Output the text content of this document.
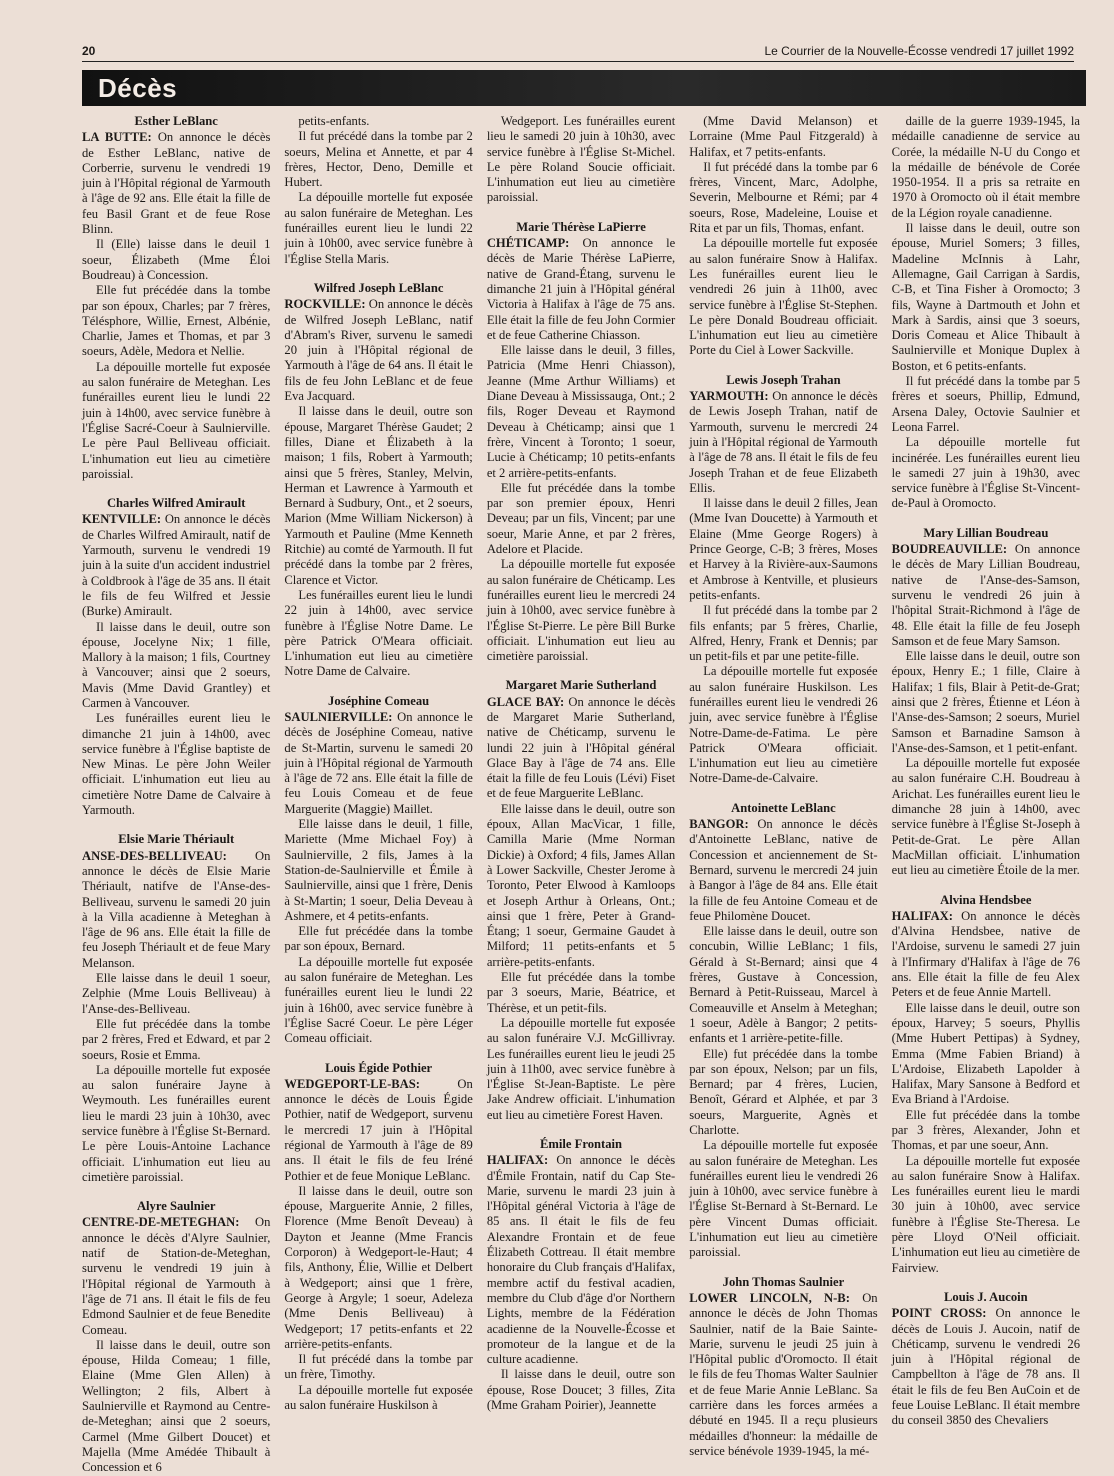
20	Le Courrier de la Nouvelle-Écosse vendredi 17 juillet 1992
Décès
Esther LeBlanc

LA BUTTE: On annonce le décès de Esther LeBlanc, native de Corberrie, survenu le vendredi 19 juin à l'Hôpital régional de Yarmouth à l'âge de 92 ans. Elle était la fille de feu Basil Grant et de feue Rose Blinn.

Il (Elle) laisse dans le deuil 1 soeur, Élizabeth (Mme Éloi Boudreau) à Concession.

Elle fut précédée dans la tombe par son époux, Charles; par 7 frères, Télésphore, Willie, Ernest, Albénie, Charlie, James et Thomas, et par 3 soeurs, Adèle, Medora et Nellie.

La dépouille mortelle fut exposée au salon funéraire de Meteghan. Les funérailles eurent lieu le lundi 22 juin à 14h00, avec service funèbre à l'Église Sacré-Coeur à Saulnierville. Le père Paul Belliveau officiait. L'inhumation eut lieu au cimetière paroissial.

Charles Wilfred Amirault

KENTVILLE: On annonce le décès de Charles Wilfred Amirault, natif de Yarmouth, survenu le vendredi 19 juin à la suite d'un accident industriel à Coldbrook à l'âge de 35 ans. Il était le fils de feu Wilfred et Jessie (Burke) Amirault.

Il laisse dans le deuil, outre son épouse, Jocelyne Nix; 1 fille, Mallory à la maison; 1 fils, Courtney à Vancouver; ainsi que 2 soeurs, Mavis (Mme David Grantley) et Carmen à Vancouver.

Les funérailles eurent lieu le dimanche 21 juin à 14h00, avec service funèbre à l'Église baptiste de New Minas. Le père John Weiler officiait. L'inhumation eut lieu au cimetière Notre Dame de Calvaire à Yarmouth.

Elsie Marie Thériault

ANSE-DES-BELLIVEAU: On annonce le décès de Elsie Marie Thériault, natifve de l'Anse-des-Belliveau, survenu le samedi 20 juin à la Villa acadienne à Meteghan à l'âge de 96 ans. Elle était la fille de feu Joseph Thériault et de feue Mary Melanson.

Elle laisse dans le deuil 1 soeur, Zelphie (Mme Louis Belliveau) à l'Anse-des-Belliveau.

Elle fut précédée dans la tombe par 2 frères, Fred et Edward, et par 2 soeurs, Rosie et Emma.

La dépouille mortelle fut exposée au salon funéraire Jayne à Weymouth. Les funérailles eurent lieu le mardi 23 juin à 10h30, avec service funèbre à l'Église St-Bernard. Le père Louis-Antoine Lachance officiait. L'inhumation eut lieu au cimetière paroissial.

Alyre Saulnier

CENTRE-DE-METEGHAN: On annonce le décès d'Alyre Saulnier, natif de Station-de-Meteghan, survenu le vendredi 19 juin à l'Hôpital régional de Yarmouth à l'âge de 71 ans. Il était le fils de feu Edmond Saulnier et de feue Benedite Comeau.

Il laisse dans le deuil, outre son épouse, Hilda Comeau; 1 fille, Elaine (Mme Glen Allen) à Wellington; 2 fils, Albert à Saulnierville et Raymond au Centre-de-Meteghan; ainsi que 2 soeurs, Carmel (Mme Gilbert Doucet) et Majella (Mme Amédée Thibault à Concession et 6

petits-enfants.

Il fut précédé dans la tombe par 2 soeurs, Melina et Annette, et par 4 frères, Hector, Deno, Demille et Hubert.

La dépouille mortelle fut exposée au salon funéraire de Meteghan. Les funérailles eurent lieu le lundi 22 juin à 10h00, avec service funèbre à l'Église Stella Maris.

Wilfred Joseph LeBlanc

ROCKVILLE: On annonce le décès de Wilfred Joseph LeBlanc, natif d'Abram's River, survenu le samedi 20 juin à l'Hôpital régional de Yarmouth à l'âge de 64 ans. Il était le fils de feu John LeBlanc et de feue Eva Jacquard.

Il laisse dans le deuil, outre son épouse, Margaret Thérèse Gaudet; 2 filles, Diane et Élizabeth à la maison; 1 fils, Robert à Yarmouth; ainsi que 5 frères, Stanley, Melvin, Herman et Lawrence à Yarmouth et Bernard à Sudbury, Ont., et 2 soeurs, Marion (Mme William Nickerson) à Yarmouth et Pauline (Mme Kenneth Ritchie) au comté de Yarmouth. Il fut précédé dans la tombe par 2 frères, Clarence et Victor.

Les funérailles eurent lieu le lundi 22 juin à 14h00, avec service funèbre à l'Église Notre Dame. Le père Patrick O'Meara officiait. L'inhumation eut lieu au cimetière Notre Dame de Calvaire.

Joséphine Comeau

SAULNIERVILLE: On annonce le décès de Joséphine Comeau, native de St-Martin, survenu le samedi 20 juin à l'Hôpital régional de Yarmouth à l'âge de 72 ans. Elle était la fille de feu Louis Comeau et de feue Marguerite (Maggie) Maillet.

Elle laisse dans le deuil, 1 fille, Mariette (Mme Michael Foy) à Saulnierville, 2 fils, James à la Station-de-Saulnierville et Émile à Saulnierville, ainsi que 1 frère, Denis à St-Martin; 1 soeur, Delia Deveau à Ashmere, et 4 petits-enfants.

Elle fut précédée dans la tombe par son époux, Bernard.

La dépouille mortelle fut exposée au salon funéraire de Meteghan. Les funérailles eurent lieu le lundi 22 juin à 16h00, avec service funèbre à l'Église Sacré Coeur. Le père Léger Comeau officiait.

Louis Égide Pothier

WEDGEPORT-LE-BAS:	On annonce le décès de Louis Égide Pothier, natif de Wedgeport, survenu le mercredi 17 juin à l'Hôpital régional de Yarmouth à l'âge de 89 ans. Il était le fils de feu Iréné Pothier et de feue Monique LeBlanc.

Il laisse dans le deuil, outre son épouse, Marguerite Annie, 2 filles, Florence (Mme Benoît Deveau) à Dayton et Jeanne (Mme Francis Corporon) à Wedgeport-le-Haut; 4 fils, Anthony, Élie, Willie et Delbert à Wedgeport; ainsi que 1 frère, George à Argyle; 1 soeur, Adeleza (Mme Denis Belliveau) à Wedgeport; 17 petits-enfants et 22 arrière-petits-enfants.

Il fut précédé dans la tombe par un frère, Timothy.

La dépouille mortelle fut exposée au salon funéraire Huskilson à

Wedgeport. Les funérailles eurent lieu le samedi 20 juin à 10h30, avec service funèbre à l'Église St-Michel. Le père Roland Soucie officiait. L'inhumation eut lieu au cimetière paroissial.

Marie Thérèse LaPierre

CHÉTICAMP: On annonce le décès de Marie Thérèse LaPierre, native de Grand-Étang, survenu le dimanche 21 juin à l'Hôpital général Victoria à Halifax à l'âge de 75 ans. Elle était la fille de feu John Cormier et de feue Catherine Chiasson.

Elle laisse dans le deuil, 3 filles, Patricia (Mme Henri Chiasson), Jeanne (Mme Arthur Williams) et Diane Deveau à Mississauga, Ont.; 2 fils, Roger Deveau et Raymond Deveau à Chéticamp; ainsi que 1 frère, Vincent à Toronto; 1 soeur, Lucie à Chéticamp; 10 petits-enfants et 2 arrière-petits-enfants.

Elle fut précédée dans la tombe par son premier époux, Henri Deveau; par un fils, Vincent; par une soeur, Marie Anne, et par 2 frères, Adelore et Placide.

La dépouille mortelle fut exposée au salon funéraire de Chéticamp. Les funérailles eurent lieu le mercredi 24 juin à 10h00, avec service funèbre à l'Église St-Pierre. Le père Bill Burke officiait. L'inhumation eut lieu au cimetière paroissial.

Margaret Marie Sutherland

GLACE BAY: On annonce le décès de Margaret Marie Sutherland, native de Chéticamp, survenu le lundi 22 juin à l'Hôpital général Glace Bay à l'âge de 74 ans. Elle était la fille de feu Louis (Lévi) Fiset et de feue Marguerite LeBlanc.

Elle laisse dans le deuil, outre son époux, Allan MacVicar, 1 fille, Camilla Marie (Mme Norman Dickie) à Oxford; 4 fils, James Allan à Lower Sackville, Chester Jerome à Toronto, Peter Elwood à Kamloops et Joseph Arthur à Orleans, Ont.; ainsi que 1 frère, Peter à Grand-Étang; 1 soeur, Germaine Gaudet à Milford; 11 petits-enfants et 5 arrière-petits-enfants.

Elle fut précédée dans la tombe par 3 soeurs, Marie, Béatrice, et Thérèse, et un petit-fils.

La dépouille mortelle fut exposée au salon funéraire V.J. McGillivray. Les funérailles eurent lieu le jeudi 25 juin à 11h00, avec service funèbre à l'Église St-Jean-Baptiste. Le père Jake Andrew officiait. L'inhumation eut lieu au cimetière Forest Haven.

Émile Frontain

HALIFAX: On annonce le décès d'Émile Frontain, natif du Cap Ste-Marie, survenu le mardi 23 juin à l'Hôpital général Victoria à l'âge de 85 ans. Il était le fils de feu Alexandre Frontain et de feue Élizabeth Cottreau. Il était membre honoraire du Club français d'Halifax, membre actif du festival acadien, membre du Club d'âge d'or Northern Lights, membre de la Fédération acadienne de la Nouvelle-Écosse et promoteur de la langue et de la culture acadienne.

Il laisse dans le deuil, outre son épouse, Rose Doucet; 3 filles, Zita (Mme Graham Poirier), Jeannette

(Mme David Melanson) et Lorraine (Mme Paul Fitzgerald) à Halifax, et 7 petits-enfants.

Il fut précédé dans la tombe par 6 frères, Vincent, Marc, Adolphe, Severin, Melbourne et Rémi; par 4 soeurs, Rose, Madeleine, Louise et Rita et par un fils, Thomas, enfant.

La dépouille mortelle fut exposée au salon funéraire Snow à Halifax. Les funérailles eurent lieu le vendredi 26 juin à 11h00, avec service funèbre à l'Église St-Stephen. Le père Donald Boudreau officiait. L'inhumation eut lieu au cimetière Porte du Ciel à Lower Sackville.

Lewis Joseph Trahan

YARMOUTH: On annonce le décès de Lewis Joseph Trahan, natif de Yarmouth, survenu le mercredi 24 juin à l'Hôpital régional de Yarmouth à l'âge de 78 ans. Il était le fils de feu Joseph Trahan et de feue Elizabeth Ellis.

Il laisse dans le deuil 2 filles, Jean (Mme Ivan Doucette) à Yarmouth et Elaine (Mme George Rogers) à Prince George, C-B; 3 frères, Moses et Harvey à la Rivière-aux-Saumons et Ambrose à Kentville, et plusieurs petits-enfants.

Il fut précédé dans la tombe par 2 fils enfants; par 5 frères, Charlie, Alfred, Henry, Frank et Dennis; par un petit-fils et par une petite-fille.

La dépouille mortelle fut exposée au salon funéraire Huskilson. Les funérailles eurent lieu le vendredi 26 juin, avec service funèbre à l'Église Notre-Dame-de-Fatima. Le père Patrick O'Meara officiait. L'inhumation eut lieu au cimetière Notre-Dame-de-Calvaire.

Antoinette LeBlanc

BANGOR: On annonce le décès d'Antoinette LeBlanc, native de Concession et anciennement de St-Bernard, survenu le mercredi 24 juin à Bangor à l'âge de 84 ans. Elle était la fille de feu Antoine Comeau et de feue Philomène Doucet.

Elle laisse dans le deuil, outre son concubin, Willie LeBlanc; 1 fils, Gérald à St-Bernard; ainsi que 4 frères, Gustave à Concession, Bernard à Petit-Ruisseau, Marcel à Comeauville et Anselm à Meteghan; 1 soeur, Adèle à Bangor; 2 petits-enfants et 1 arrière-petite-fille.

Elle) fut précédée dans la tombe par son époux, Nelson; par un fils, Bernard; par 4 frères, Lucien, Benoît, Gérard et Alphée, et par 3 soeurs, Marguerite, Agnès et Charlotte.

La dépouille mortelle fut exposée au salon funéraire de Meteghan. Les funérailles eurent lieu le vendredi 26 juin à 10h00, avec service funèbre à l'Église St-Bernard à St-Bernard. Le père Vincent Dumas officiait. L'inhumation eut lieu au cimetière paroissial.

John Thomas Saulnier

LOWER LINCOLN, N-B: On annonce le décès de John Thomas Saulnier, natif de la Baie Sainte-Marie, survenu le jeudi 25 juin à l'Hôpital public d'Oromocto. Il était le fils de feu Thomas Walter Saulnier et de feue Marie Annie LeBlanc. Sa carrière dans les forces armées a débuté en 1945. Il a reçu plusieurs médailles d'honneur: la médaille de service bénévole 1939-1945, la mé-

daille de la guerre 1939-1945, la médaille canadienne de service au Corée, la médaille N-U du Congo et la médaille de bénévole de Corée 1950-1954. Il a pris sa retraite en 1970 à Oromocto où il était membre de la Légion royale canadienne.

Il laisse dans le deuil, outre son épouse, Muriel Somers; 3 filles, Madeline McInnis à Lahr, Allemagne, Gail Carrigan à Sardis, C-B, et Tina Fisher à Oromocto; 3 fils, Wayne à Dartmouth et John et Mark à Sardis, ainsi que 3 soeurs, Doris Comeau et Alice Thibault à Saulnierville et Monique Duplex à Boston, et 6 petits-enfants.

Il fut précédé dans la tombe par 5 frères et soeurs, Phillip, Edmund, Arsena Daley, Octovie Saulnier et Leona Farrel.

La dépouille mortelle fut incinérée. Les funérailles eurent lieu le samedi 27 juin à 19h30, avec service funèbre à l'Église St-Vincent-de-Paul à Oromocto.

Mary Lillian Boudreau

BOUDREAUVILLE: On annonce le décès de Mary Lillian Boudreau, native de l'Anse-des-Samson, survenu le vendredi 26 juin à l'hôpital Strait-Richmond à l'âge de 48. Elle était la fille de feu Joseph Samson et de feue Mary Samson.

Elle laisse dans le deuil, outre son époux, Henry E.; 1 fille, Claire à Halifax; 1 fils, Blair à Petit-de-Grat; ainsi que 2 frères, Étienne et Léon à l'Anse-des-Samson; 2 soeurs, Muriel Samson et Barnadine Samson à l'Anse-des-Samson, et 1 petit-enfant.

La dépouille mortelle fut exposée au salon funéraire C.H. Boudreau à Arichat. Les funérailles eurent lieu le dimanche 28 juin à 14h00, avec service funèbre à l'Église St-Joseph à Petit-de-Grat. Le père Allan MacMillan officiait. L'inhumation eut lieu au cimetière Étoile de la mer.

Alvina Hendsbee

HALIFAX: On annonce le décès d'Alvina Hendsbee, native de l'Ardoise, survenu le samedi 27 juin à l'Infirmary d'Halifax à l'âge de 76 ans. Elle était la fille de feu Alex Peters et de feue Annie Martell.

Elle laisse dans le deuil, outre son époux, Harvey; 5 soeurs, Phyllis (Mme Hubert Pettipas) à Sydney, Emma (Mme Fabien Briand) à L'Ardoise, Elizabeth Lapolder à Halifax, Mary Sansone à Bedford et Eva Briand à l'Ardoise.

Elle fut précédée dans la tombe par 3 frères, Alexander, John et Thomas, et par une soeur, Ann.

La dépouille mortelle fut exposée au salon funéraire Snow à Halifax. Les funérailles eurent lieu le mardi 30 juin à 10h00, avec service funèbre à l'Église Ste-Theresa. Le père Lloyd O'Neil officiait. L'inhumation eut lieu au cimetière de Fairview.

Louis J. Aucoin

POINT CROSS: On annonce le décès de Louis J. Aucoin, natif de Chéticamp, survenu le vendredi 26 juin à l'Hôpital régional de Campbellton à l'âge de 78 ans. Il était le fils de feu Ben AuCoin et de feue Louise LeBlanc. Il était membre du conseil 3850 des Chevaliers
